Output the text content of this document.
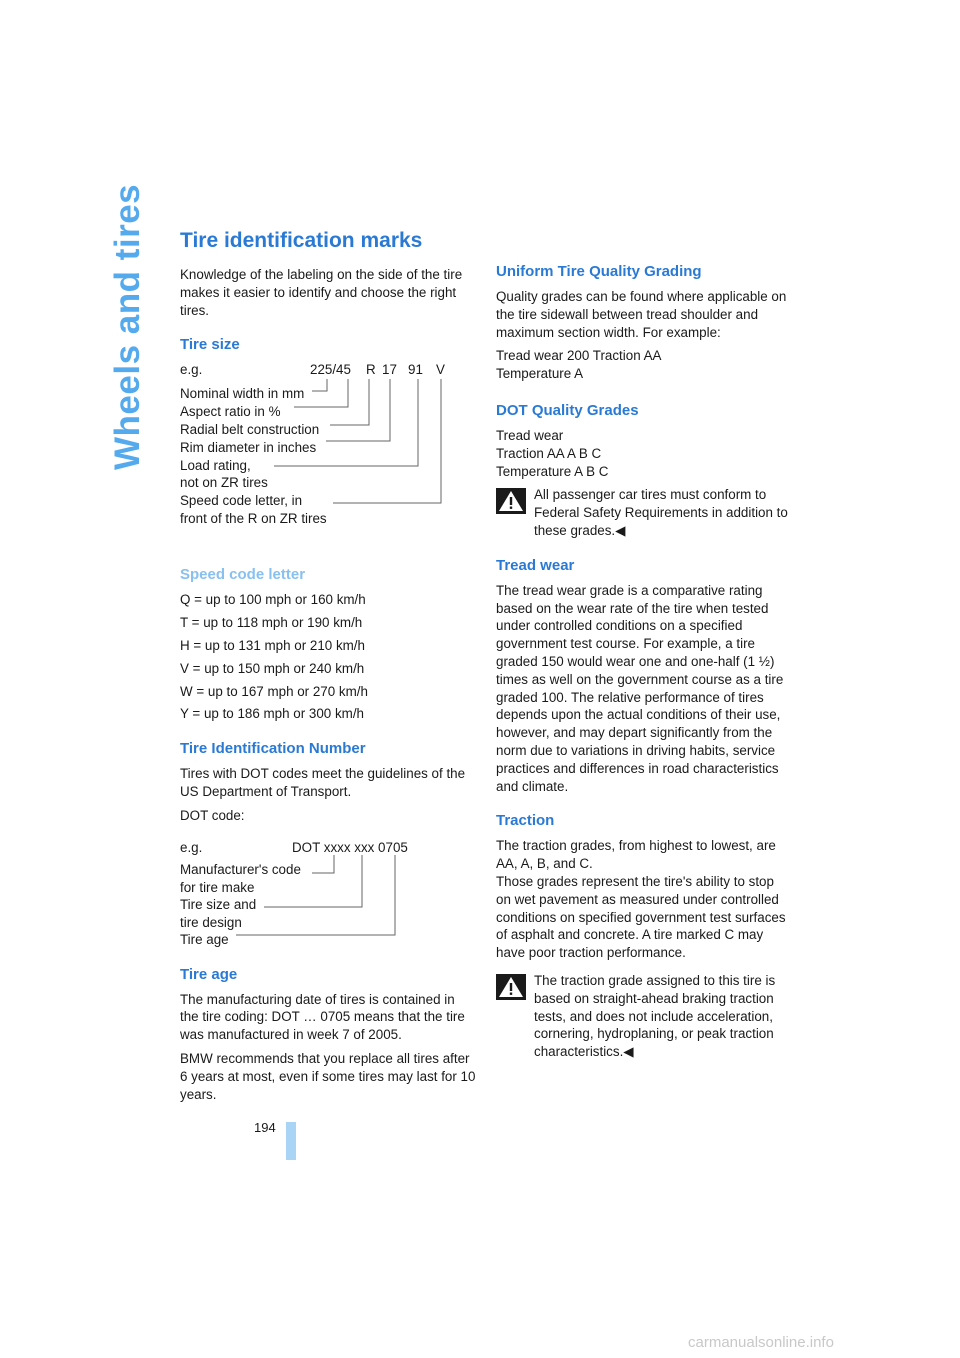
Wheels and tires Tire identification marks

Knowledge of the labeling on the side of the tire makes it easier to identify and choose the right tires.

Tire size
e.g.	225/45 R 17 91 V
Nominal width in mm
Aspect ratio in %
Radial belt construction
Rim diameter in inches
Load rating,
not on ZR tires
Speed code letter, in
front of the R on ZR tires
Speed code letter

Q = up to 100 mph or 160 km/h

T = up to 118 mph or 190 km/h

H = up to 131 mph or 210 km/h

V = up to 150 mph or 240 km/h

W = up to 167 mph or 270 km/h

Y = up to 186 mph or 300 km/h

Tire Identification Number

Tires with DOT codes meet the guidelines of the US Department of Transport.

DOT code:

e.g.	DOT xxxx xxx 0705
Manufacturer's code
for tire make
Tire size and
tire design
Tire age
Tire age

The manufacturing date of tires is contained in the tire coding: DOT … 0705 means that the tire was manufactured in week 7 of 2005.

BMW recommends that you replace all tires after 6 years at most, even if some tires may last for 10 years.

Uniform Tire Quality Grading

Quality grades can be found where applicable on the tire sidewall between tread shoulder and maximum section width. For example:

Tread wear 200 Traction AA

Temperature A

DOT Quality Grades

Tread wear

Traction AA A B C

Temperature A B C

All passenger car tires must conform to Federal Safety Requirements in addition to these grades.◀

Tread wear

The tread wear grade is a comparative rating based on the wear rate of the tire when tested under controlled conditions on a specified government test course. For example, a tire graded 150 would wear one and one-half (1 ½) times as well on the government course as a tire graded 100. The relative performance of tires depends upon the actual conditions of their use, however, and may depart significantly from the norm due to variations in driving habits, service practices and differences in road characteristics and climate.

Traction

The traction grades, from highest to lowest, are AA, A, B, and C.

Those grades represent the tire's ability to stop on wet pavement as measured under controlled conditions on specified government test surfaces of asphalt and concrete. A tire marked C may have poor traction performance.

The traction grade assigned to this tire is based on straight-ahead braking traction tests, and does not include acceleration, cornering, hydroplaning, or peak traction characteristics.◀

194
carmanualsonline.info
